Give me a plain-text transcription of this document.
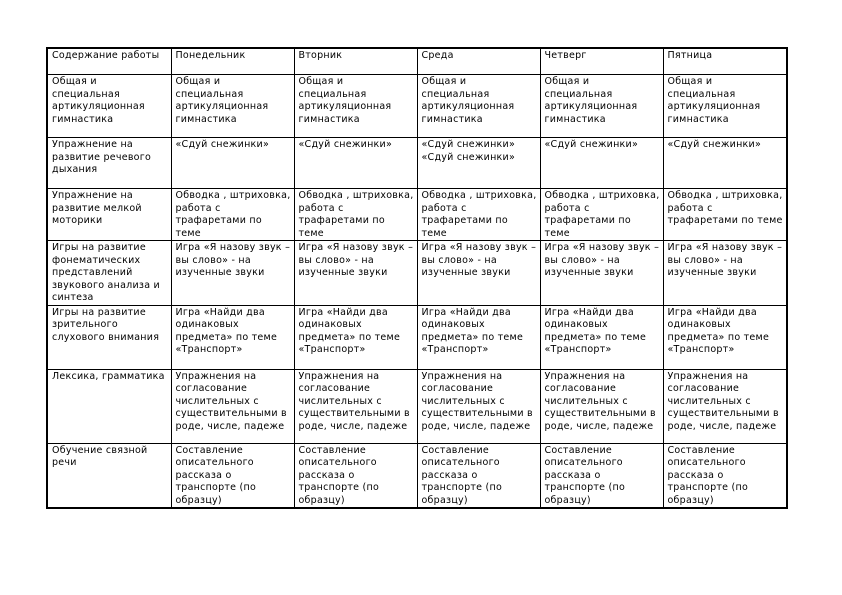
Содержание работы	Понедельник	Вторник	Среда	Четверг	Пятница
Общая и специальная артикуляционная гимнастика	Общая и специальная артикуляционная гимнастика	Общая и специальная артикуляционная гимнастика	Общая и специальная артикуляционная гимнастика	Общая и специальная артикуляционная гимнастика	Общая и специальная артикуляционная гимнастика
Упражнение на развитие речевого дыхания	«Сдуй снежинки»	«Сдуй снежинки»	«Сдуй снежинки» «Сдуй снежинки»	«Сдуй снежинки»	«Сдуй снежинки»
Упражнение на развитие мелкой моторики	Обводка , штриховка, работа с трафаретами по теме	Обводка , штриховка, работа с трафаретами по теме	Обводка , штриховка, работа с трафаретами по теме	Обводка , штриховка, работа с трафаретами по теме	Обводка , штриховка, работа с трафаретами по теме
Игры на развитие фонематических представлений звукового анализа и синтеза	Игра «Я назову звук – вы слово» - на изученные звуки	Игра «Я назову звук – вы слово» - на изученные звуки	Игра «Я назову звук – вы слово» - на изученные звуки	Игра «Я назову звук – вы слово» - на изученные звуки	Игра «Я назову звук – вы слово» - на изученные звуки
Игры на развитие зрительного слухового внимания	Игра «Найди два одинаковых предмета» по теме «Транспорт»	Игра «Найди два одинаковых предмета» по теме «Транспорт»	Игра «Найди два одинаковых предмета» по теме «Транспорт»	Игра «Найди два одинаковых предмета» по теме «Транспорт»	Игра «Найди два одинаковых предмета» по теме «Транспорт»
Лексика, грамматика	Упражнения на согласование числительных с существительными в роде, числе, падеже	Упражнения на согласование числительных с существительными в роде, числе, падеже	Упражнения на согласование числительных с существительными в роде, числе, падеже	Упражнения на согласование числительных с существительными в роде, числе, падеже	Упражнения на согласование числительных с существительными в роде, числе, падеже
Обучение связной речи	Составление описательного рассказа о транспорте (по образцу)	Составление описательного рассказа о транспорте (по образцу)	Составление описательного рассказа о транспорте (по образцу)	Составление описательного рассказа о транспорте (по образцу)	Составление описательного рассказа о транспорте (по образцу)
